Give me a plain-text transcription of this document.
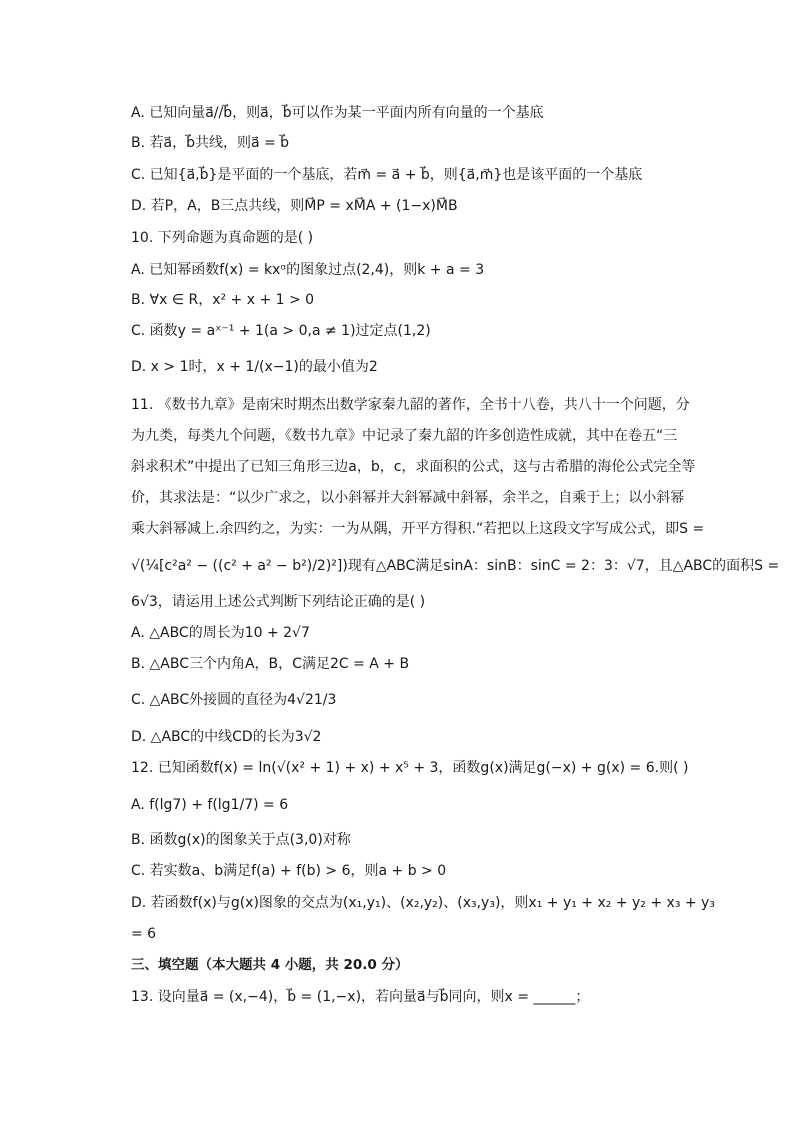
A. 已知向量a⃗//b⃗，则a⃗，b⃗可以作为某一平面内所有向量的一个基底
B. 若a⃗，b⃗共线，则a⃗ = b⃗
C. 已知{a⃗,b⃗}是平面的一个基底，若m⃗ = a⃗ + b⃗，则{a⃗,m⃗}也是该平面的一个基底
D. 若P，A，B三点共线，则M⃗P = xM⃗A + (1−x)M⃗B
10. 下列命题为真命题的是( )
A. 已知幂函数f(x) = kxᵅ的图象过点(2,4)，则k + a = 3
B. ∀x ∈ R，x² + x + 1 > 0
C. 函数y = aˣ⁻¹ + 1(a > 0,a ≠ 1)过定点(1,2)
D. x > 1时，x + 1/(x−1)的最小值为2
11. 《数书九章》是南宋时期杰出数学家秦九韶的著作，全书十八卷，共八十一个问题，分
为九类，每类九个问题，《数书九章》中记录了秦九韶的许多创造性成就，其中在卷五“三
斜求积术”中提出了已知三角形三边a，b，c，求面积的公式，这与古希腊的海伦公式完全等
价，其求法是：“以少广求之，以小斜幂并大斜幂减中斜幂，余半之，自乘于上；以小斜幂
乘大斜幂减上.余四约之，为实：一为从隅，开平方得积.”若把以上这段文字写成公式，即S =
√(¼[c²a² − ((c² + a² − b²)/2)²])现有△ABC满足sinA：sinB：sinC = 2：3：√7，且△ABC的面积S =
6√3，请运用上述公式判断下列结论正确的是( )
A. △ABC的周长为10 + 2√7
B. △ABC三个内角A，B，C满足2C = A + B
C. △ABC外接圆的直径为4√21/3
D. △ABC的中线CD的长为3√2
12. 已知函数f(x) = ln(√(x² + 1) + x) + x⁵ + 3，函数g(x)满足g(−x) + g(x) = 6.则( )
A. f(lg7) + f(lg1/7) = 6
B. 函数g(x)的图象关于点(3,0)对称
C. 若实数a、b满足f(a) + f(b) > 6，则a + b > 0
D. 若函数f(x)与g(x)图象的交点为(x₁,y₁)、(x₂,y₂)、(x₃,y₃)，则x₁ + y₁ + x₂ + y₂ + x₃ + y₃
= 6
三、填空题（本大题共 4 小题，共 20.0 分）
13. 设向量a⃗ = (x,−4)，b⃗ = (1,−x)，若向量a⃗与b⃗同向，则x = ______；
